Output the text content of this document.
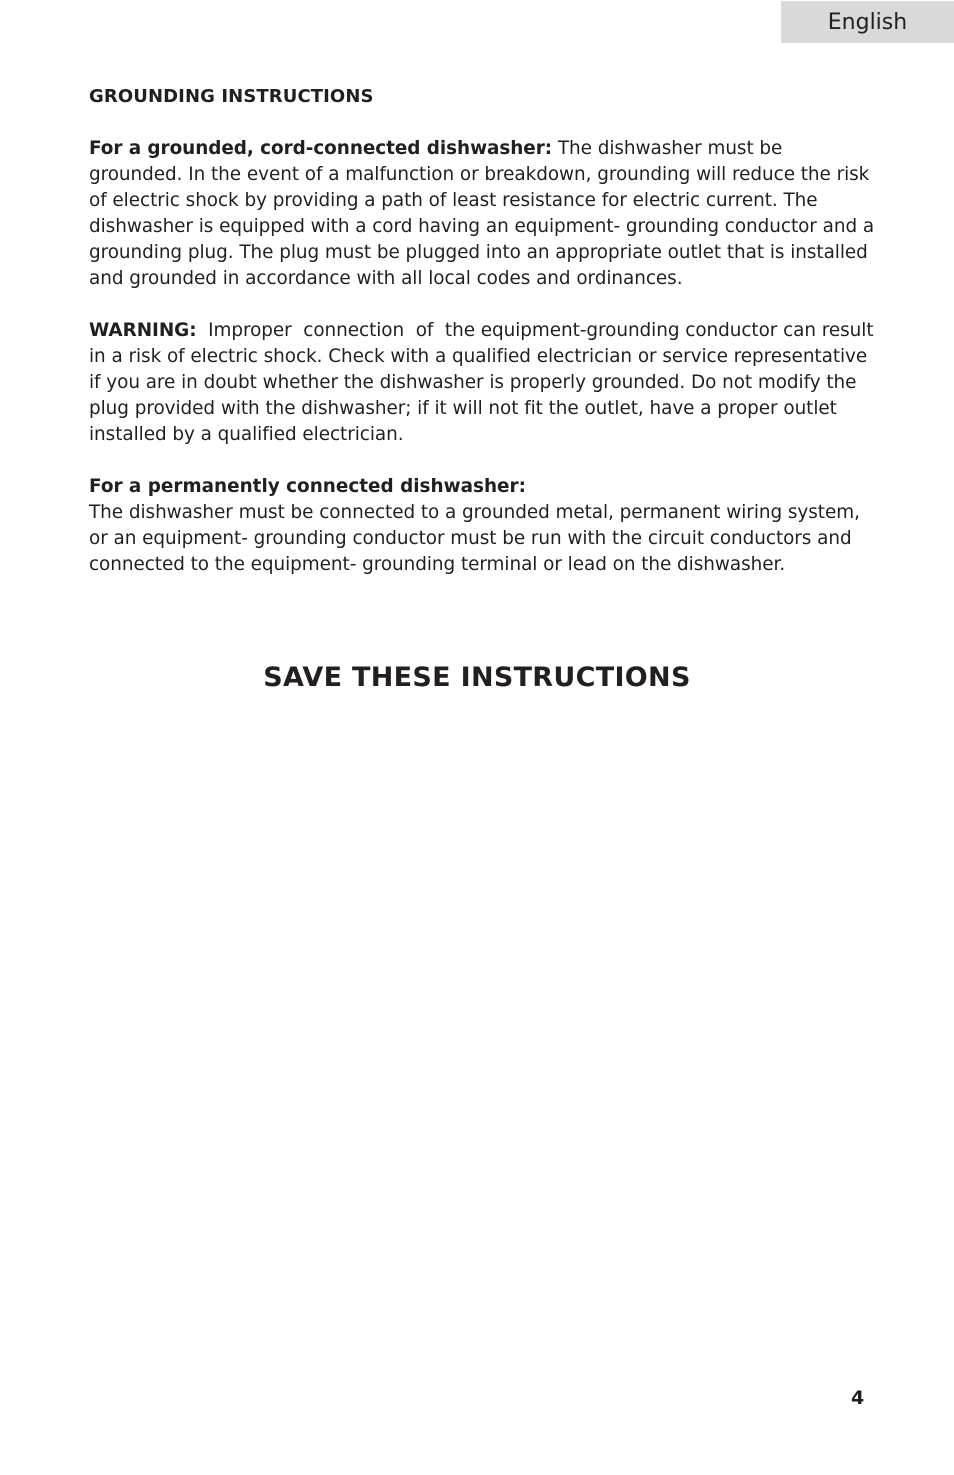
English
GROUNDING INSTRUCTIONS

For a grounded, cord-connected dishwasher: The dishwasher must be grounded. In the event of a malfunction or breakdown, grounding will reduce the risk of electric shock by providing a path of least resistance for electric current. The dishwasher is equipped with a cord having an equipment- grounding conductor and a grounding plug. The plug must be plugged into an appropriate outlet that is installed and grounded in accordance with all local codes and ordinances.

WARNING:  Improper  connection  of  the equipment-grounding conductor can result in a risk of electric shock. Check with a qualified electrician or service representative if you are in doubt whether the dishwasher is properly grounded. Do not modify the plug provided with the dishwasher; if it will not fit the outlet, have a proper outlet installed by a qualified electrician.

For a permanently connected dishwasher:

The dishwasher must be connected to a grounded metal, permanent wiring system, or an equipment- grounding conductor must be run with the circuit conductors and connected to the equipment- grounding terminal or lead on the dishwasher.

SAVE THESE INSTRUCTIONS
4
